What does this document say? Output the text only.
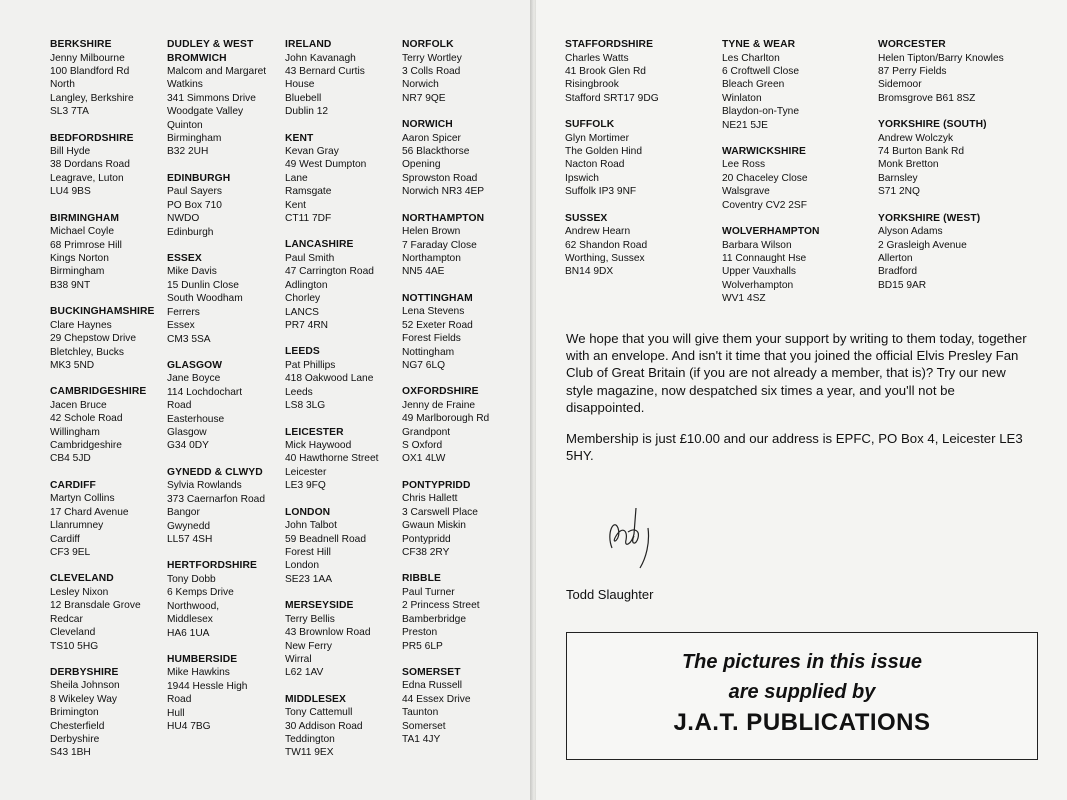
BERKSHIRE
Jenny Milbourne
100 Blandford Rd
North
Langley, Berkshire
SL3 7TA
BEDFORDSHIRE
Bill Hyde
38 Dordans Road
Leagrave, Luton
LU4 9BS
BIRMINGHAM
Michael Coyle
68 Primrose Hill
Kings Norton
Birmingham
B38 9NT
BUCKINGHAMSHIRE
Clare Haynes
29 Chepstow Drive
Bletchley, Bucks
MK3 5ND
CAMBRIDGESHIRE
Jacen Bruce
42 Schole Road
Willingham
Cambridgeshire
CB4 5JD
CARDIFF
Martyn Collins
17 Chard Avenue
Llanrumney
Cardiff
CF3 9EL
CLEVELAND
Lesley Nixon
12 Bransdale Grove
Redcar
Cleveland
TS10 5HG
DERBYSHIRE
Sheila Johnson
8 Wikeley Way
Brimington
Chesterfield
Derbyshire
S43 1BH
DUDLEY & WEST BROMWICH
Malcom and Margaret
Watkins
341 Simmons Drive
Woodgate Valley
Quinton
Birmingham
B32 2UH
EDINBURGH
Paul Sayers
PO Box 710
NWDO
Edinburgh
ESSEX
Mike Davis
15 Dunlin Close
South Woodham
Ferrers
Essex
CM3 5SA
GLASGOW
Jane Boyce
114 Lochdochart
Road
Easterhouse
Glasgow
G34 0DY
GYNEDD & CLWYD
Sylvia Rowlands
373 Caernarfon Road
Bangor
Gwynedd
LL57 4SH
HERTFORDSHIRE
Tony Dobb
6 Kemps Drive
Northwood,
Middlesex
HA6 1UA
HUMBERSIDE
Mike Hawkins
1944 Hessle High
Road
Hull
HU4 7BG
IRELAND
John Kavanagh
43 Bernard Curtis
House
Bluebell
Dublin 12
KENT
Kevan Gray
49 West Dumpton
Lane
Ramsgate
Kent
CT11 7DF
LANCASHIRE
Paul Smith
47 Carrington Road
Adlington
Chorley
LANCS
PR7 4RN
LEEDS
Pat Phillips
418 Oakwood Lane
Leeds
LS8 3LG
LEICESTER
Mick Haywood
40 Hawthorne Street
Leicester
LE3 9FQ
LONDON
John Talbot
59 Beadnell Road
Forest Hill
London
SE23 1AA
MERSEYSIDE
Terry Bellis
43 Brownlow Road
New Ferry
Wirral
L62 1AV
MIDDLESEX
Tony Cattemull
30 Addison Road
Teddington
TW11 9EX
NORFOLK
Terry Wortley
3 Colls Road
Norwich
NR7 9QE
NORWICH
Aaron Spicer
56 Blackthorse
Opening
Sprowston Road
Norwich NR3 4EP
NORTHAMPTON
Helen Brown
7 Faraday Close
Northampton
NN5 4AE
NOTTINGHAM
Lena Stevens
52 Exeter Road
Forest Fields
Nottingham
NG7 6LQ
OXFORDSHIRE
Jenny de Fraine
49 Marlborough Rd
Grandpont
S Oxford
OX1 4LW
PONTYPRIDD
Chris Hallett
3 Carswell Place
Gwaun Miskin
Pontypridd
CF38 2RY
RIBBLE
Paul Turner
2 Princess Street
Bamberbridge
Preston
PR5 6LP
SOMERSET
Edna Russell
44 Essex Drive
Taunton
Somerset
TA1 4JY
STAFFORDSHIRE
Charles Watts
41 Brook Glen Rd
Risingbrook
Stafford SRT17 9DG
SUFFOLK
Glyn Mortimer
The Golden Hind
Nacton Road
Ipswich
Suffolk IP3 9NF
SUSSEX
Andrew Hearn
62 Shandon Road
Worthing, Sussex
BN14 9DX
TYNE & WEAR
Les Charlton
6 Croftwell Close
Bleach Green
Winlaton
Blaydon-on-Tyne
NE21 5JE
WARWICKSHIRE
Lee Ross
20 Chaceley Close
Walsgrave
Coventry CV2 2SF
WOLVERHAMPTON
Barbara Wilson
11 Connaught Hse
Upper Vauxhalls
Wolverhampton
WV1 4SZ
WORCESTER
Helen Tipton/Barry Knowles
87 Perry Fields
Sidemoor
Bromsgrove B61 8SZ
YORKSHIRE (SOUTH)
Andrew Wolczyk
74 Burton Bank Rd
Monk Bretton
Barnsley
S71 2NQ
YORKSHIRE (WEST)
Alyson Adams
2 Grasleigh Avenue
Allerton
Bradford
BD15 9AR

We hope that you will give them your support by writing to them today, together with an envelope. And isn't it time that you joined the official Elvis Presley Fan Club of Great Britain (if you are not already a member, that is)? Try our new style magazine, now despatched six times a year, and you'll not be disappointed.

Membership is just £10.00 and our address is EPFC, PO Box 4, Leicester LE3 5HY.

Todd Slaughter
The pictures in this issue
are supplied by
J.A.T. PUBLICATIONS
